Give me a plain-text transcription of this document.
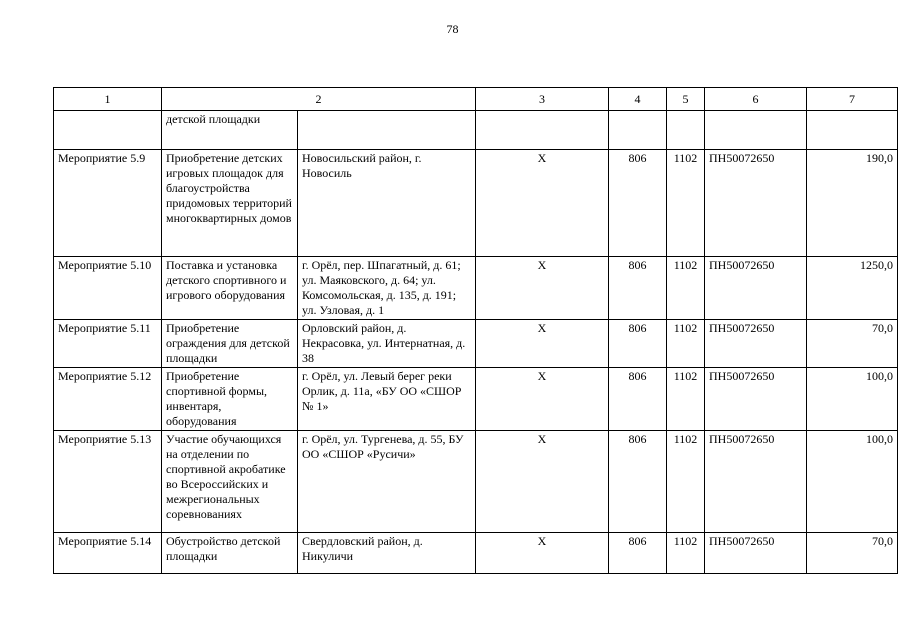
78
1	2		3	4	5	6	7
	детской площадки						
Мероприятие 5.9	Приобретение детских игровых площадок для благоустройства придомовых территорий многоквартирных домов	Новосильский район, г. Новосиль	Х	806	1102	ПН50072650	190,0
Мероприятие 5.10	Поставка и установка детского спортивного и игрового оборудования	г. Орёл, пер. Шпагатный, д. 61; ул. Маяковского, д. 64; ул. Комсомольская, д. 135, д. 191; ул. Узловая, д. 1	Х	806	1102	ПН50072650	1250,0
Мероприятие 5.11	Приобретение ограждения для детской площадки	Орловский район, д. Некрасовка, ул. Интернатная, д. 38	Х	806	1102	ПН50072650	70,0
Мероприятие 5.12	Приобретение спортивной формы, инвентаря, оборудования	г. Орёл, ул. Левый берег реки Орлик, д. 11а, «БУ ОО «СШОР № 1»	Х	806	1102	ПН50072650	100,0
Мероприятие 5.13	Участие обучающихся на отделении по спортивной акробатике во Всероссийских и межрегиональных соревнованиях	г. Орёл, ул. Тургенева, д. 55, БУ ОО «СШОР «Русичи»	Х	806	1102	ПН50072650	100,0
Мероприятие 5.14	Обустройство детской площадки	Свердловский район, д. Никуличи	Х	806	1102	ПН50072650	70,0
